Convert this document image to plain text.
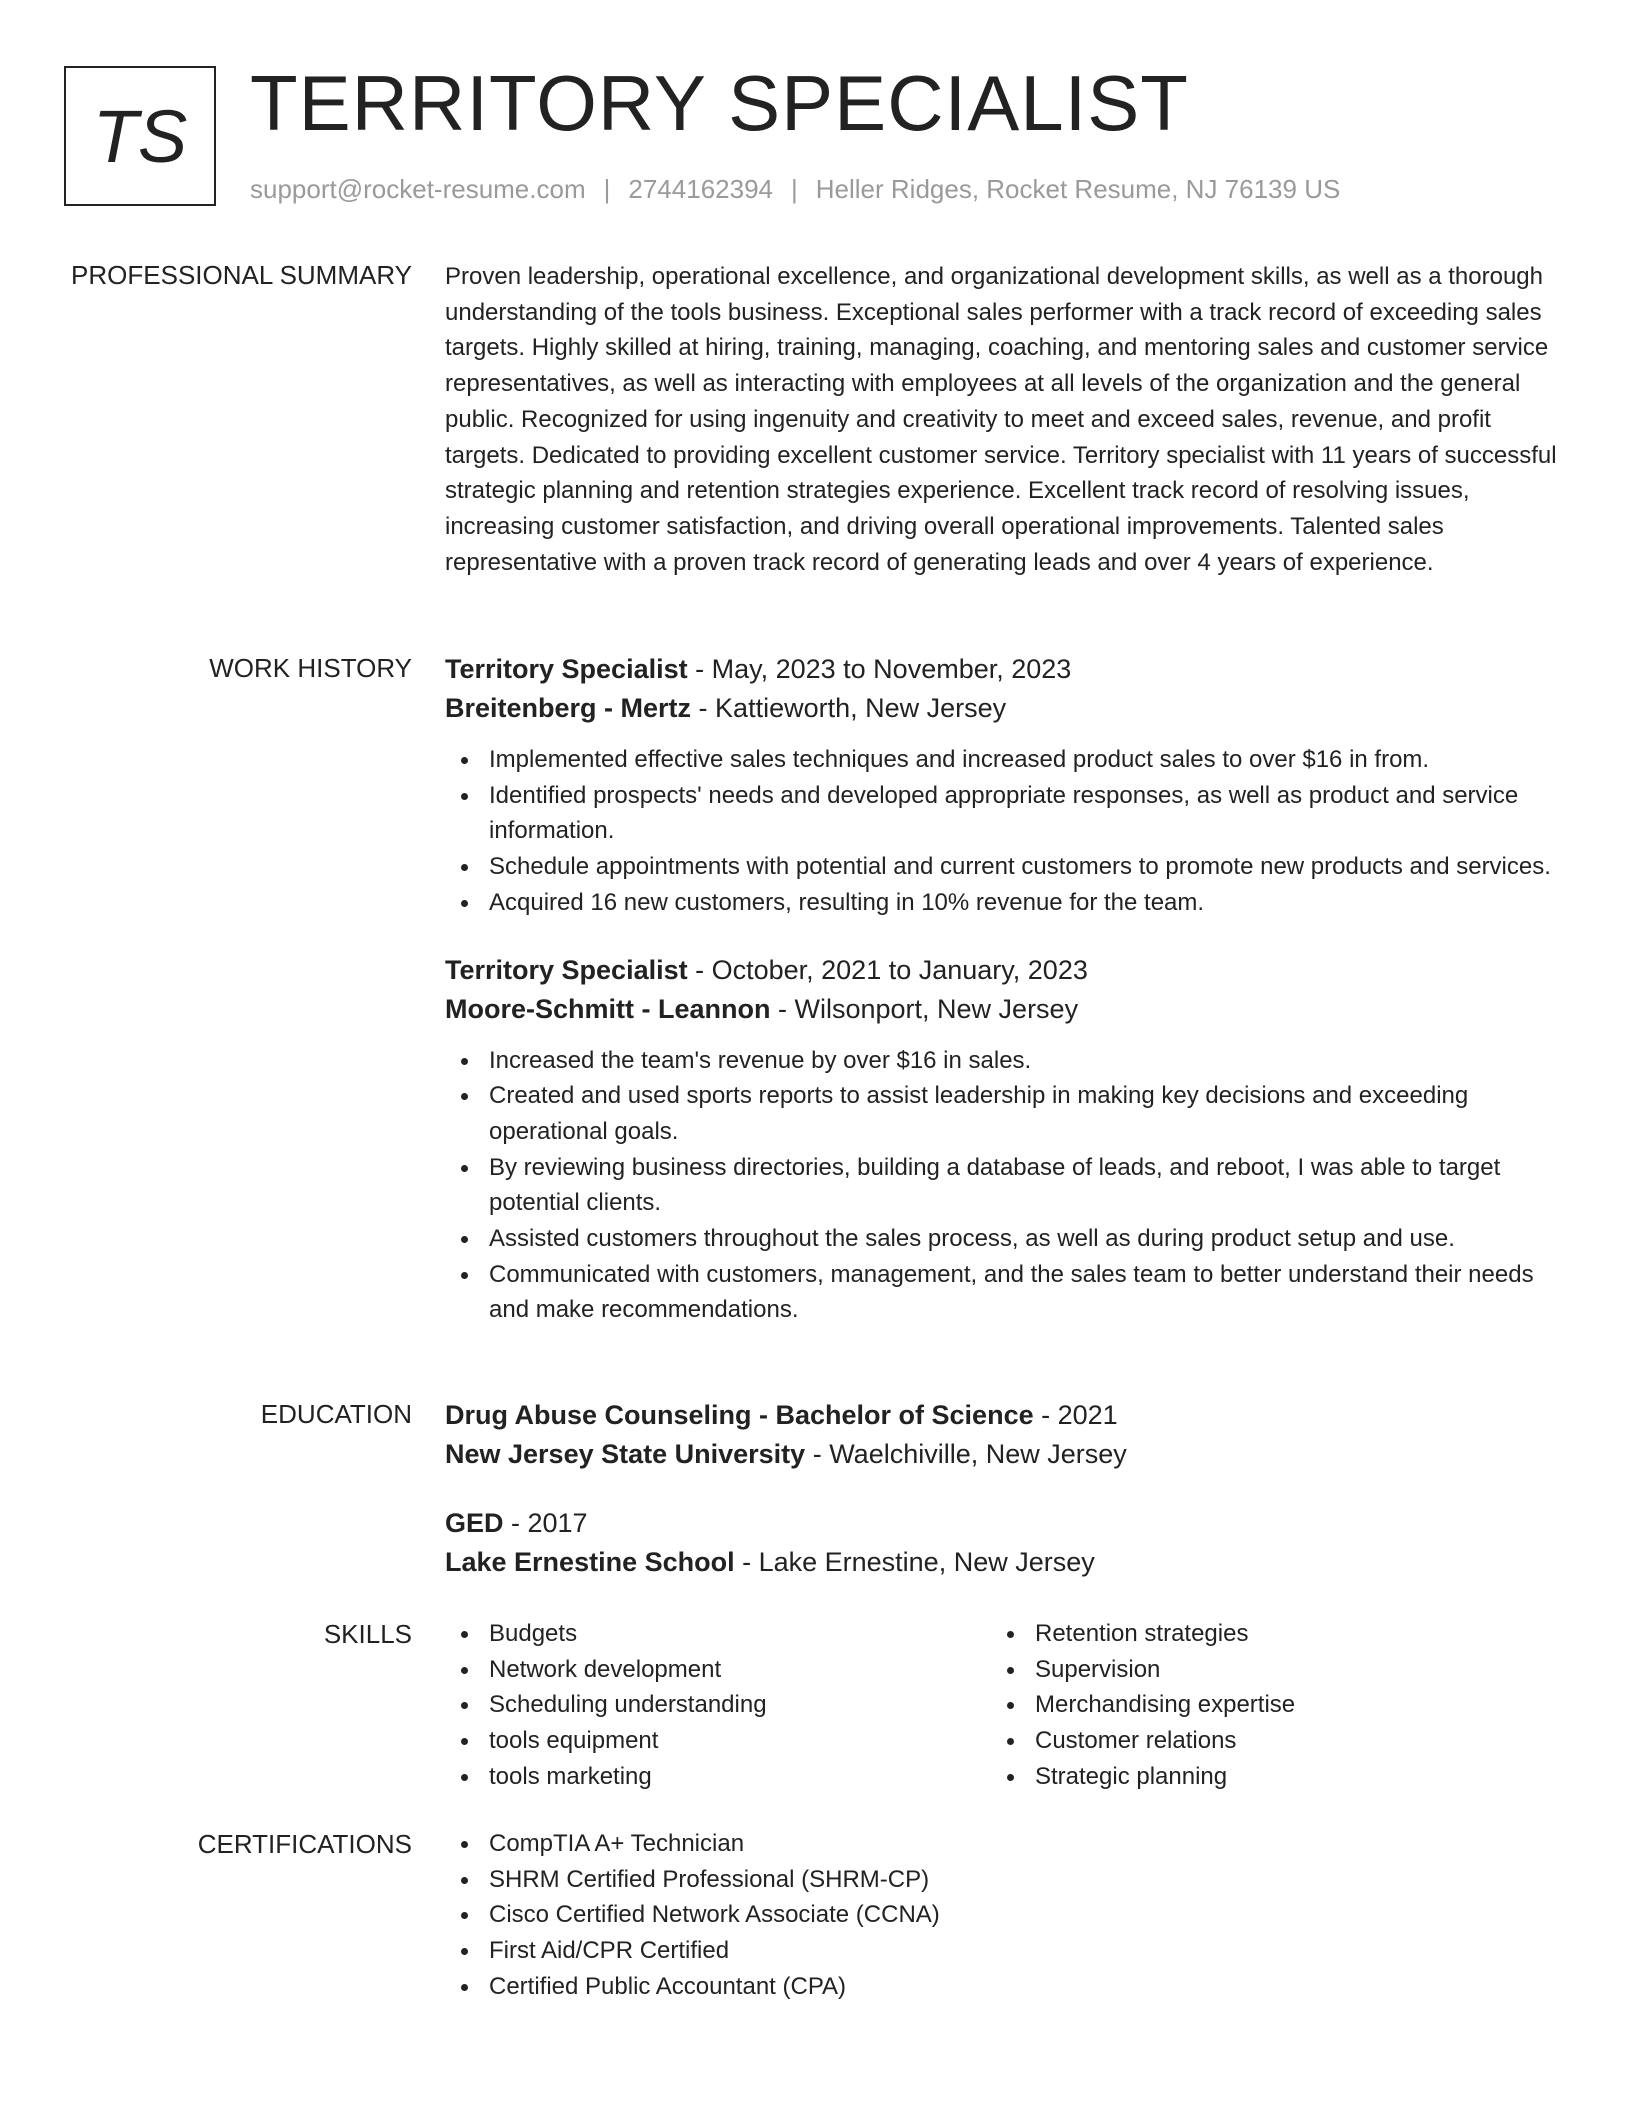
TS TERRITORY SPECIALIST
support@rocket-resume.com | 2744162394 | Heller Ridges, Rocket Resume, NJ 76139 US
PROFESSIONAL SUMMARY Proven leadership, operational excellence, and organizational development skills, as well as a thorough understanding of the tools business. Exceptional sales performer with a track record of exceeding sales targets. Highly skilled at hiring, training, managing, coaching, and mentoring sales and customer service representatives, as well as interacting with employees at all levels of the organization and the general public. Recognized for using ingenuity and creativity to meet and exceed sales, revenue, and profit targets. Dedicated to providing excellent customer service. Territory specialist with 11 years of successful strategic planning and retention strategies experience. Excellent track record of resolving issues, increasing customer satisfaction, and driving overall operational improvements. Talented sales representative with a proven track record of generating leads and over 4 years of experience.

WORK HISTORY Territory Specialist - May, 2023 to November, 2023

Breitenberg - Mertz - Kattieworth, New Jersey

Implemented effective sales techniques and increased product sales to over $16 in from.
Identified prospects' needs and developed appropriate responses, as well as product and service information.
Schedule appointments with potential and current customers to promote new products and services.
Acquired 16 new customers, resulting in 10% revenue for the team.

Territory Specialist - October, 2021 to January, 2023

Moore-Schmitt - Leannon - Wilsonport, New Jersey

Increased the team's revenue by over $16 in sales.
Created and used sports reports to assist leadership in making key decisions and exceeding operational goals.
By reviewing business directories, building a database of leads, and reboot, I was able to target potential clients.
Assisted customers throughout the sales process, as well as during product setup and use.
Communicated with customers, management, and the sales team to better understand their needs and make recommendations.
EDUCATION Drug Abuse Counseling - Bachelor of Science - 2021

New Jersey State University - Waelchiville, New Jersey

GED - 2017

Lake Ernestine School - Lake Ernestine, New Jersey

SKILLS	Budgets
Network development
Scheduling understanding
tools equipment
tools marketing
Retention strategies
Supervision
Merchandising expertise
Customer relations
Strategic planning
CERTIFICATIONS	CompTIA A+ Technician
SHRM Certified Professional (SHRM-CP)
Cisco Certified Network Associate (CCNA)
First Aid/CPR Certified
Certified Public Accountant (CPA)
